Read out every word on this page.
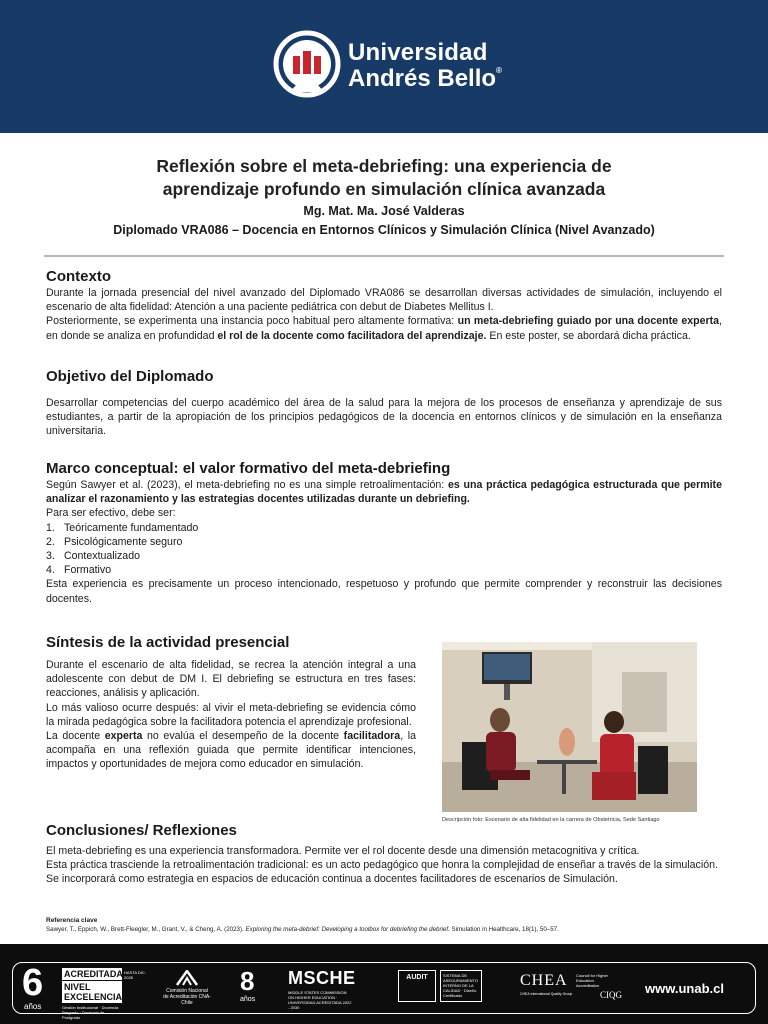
Universidad
Andrés Bello®
Reflexión sobre el meta-debriefing: una experiencia de
aprendizaje profundo en simulación clínica avanzada
Mg. Mat. Ma. José Valderas
Diplomado VRA086 – Docencia en Entornos Clínicos y Simulación Clínica (Nivel Avanzado)
Contexto

Durante la jornada presencial del nivel avanzado del Diplomado VRA086 se desarrollan diversas actividades de simulación, incluyendo el escenario de alta fidelidad: Atención a una paciente pediátrica con debut de Diabetes Mellitus I.

Posteriormente, se experimenta una instancia poco habitual pero altamente formativa: un meta-debriefing guiado por una docente experta, en donde se analiza en profundidad el rol de la docente como facilitadora del aprendizaje. En este poster, se abordará dicha práctica.

Objetivo del Diplomado

Desarrollar competencias del cuerpo académico del área de la salud para la mejora de los procesos de enseñanza y aprendizaje de sus estudiantes, a partir de la apropiación de los principios pedagógicos de la docencia en entornos clínicos y de simulación en la enseñanza universitaria.

Marco conceptual: el valor formativo del meta-debriefing

Según Sawyer et al. (2023), el meta-debriefing no es una simple retroalimentación: es una práctica pedagógica estructurada que permite analizar el razonamiento y las estrategias docentes utilizadas durante un debriefing.

Para ser efectivo, debe ser:

1. Teóricamente fundamentado
2. Psicológicamente seguro
3. Contextualizado
4. Formativo

Esta experiencia es precisamente un proceso intencionado, respetuoso y profundo que permite comprender y reconstruir las decisiones docentes.

Síntesis de la actividad presencial

Durante el escenario de alta fidelidad, se recrea la atención integral a una adolescente con debut de DM I. El debriefing se estructura en tres fases: reacciones, análisis y aplicación.

Lo más valioso ocurre después: al vivir el meta-debriefing se evidencia cómo la mirada pedagógica sobre la facilitadora potencia el aprendizaje profesional.

La docente experta no evalúa el desempeño de la docente facilitadora, la acompaña en una reflexión guiada que permite identificar intenciones, impactos y oportunidades de mejora como educador en simulación.

Descripción foto: Escenario de alta fidelidad en la carrera de Obstetricia, Sede Santiago
Conclusiones/ Reflexiones

El meta-debriefing es una experiencia transformadora. Permite ver el rol docente desde una dimensión metacognitiva y crítica.

Esta práctica trasciende la retroalimentación tradicional: es un acto pedagógico que honra la complejidad de enseñar a través de la simulación.

Se incorporará como estrategia en espacios de educación continua a docentes facilitadores de escenarios de Simulación.

Referencia clave
Sawyer, T., Eppich, W., Brett-Fleegler, M., Grant, V., & Cheng, A. (2023). Exploring the meta-debrief: Developing a toolbox for debriefing the debrief. Simulation in Healthcare, 18(1), 50–57.
6
años
ACREDITADA
NIVEL EXCELENCIA
Gestión Institucional · Docencia Pregrado · Docencia de Postgrado
HASTA DIC. 2028
Comisión Nacional de Acreditación CNA-Chile
8
años
MSCHE
MIDDLE STATES COMMISSION ON HIGHER EDUCATION · UNIVERSIDAD ACREDITADA 2022 - 2030
AUDIT	SISTEMA DE ASEGURAMIENTO INTERNO DE LA CALIDAD · Diseño Certificado
CHEA Council for Higher Education Accreditation
CHEA International Quality Group	CIQG www.unab.cl
